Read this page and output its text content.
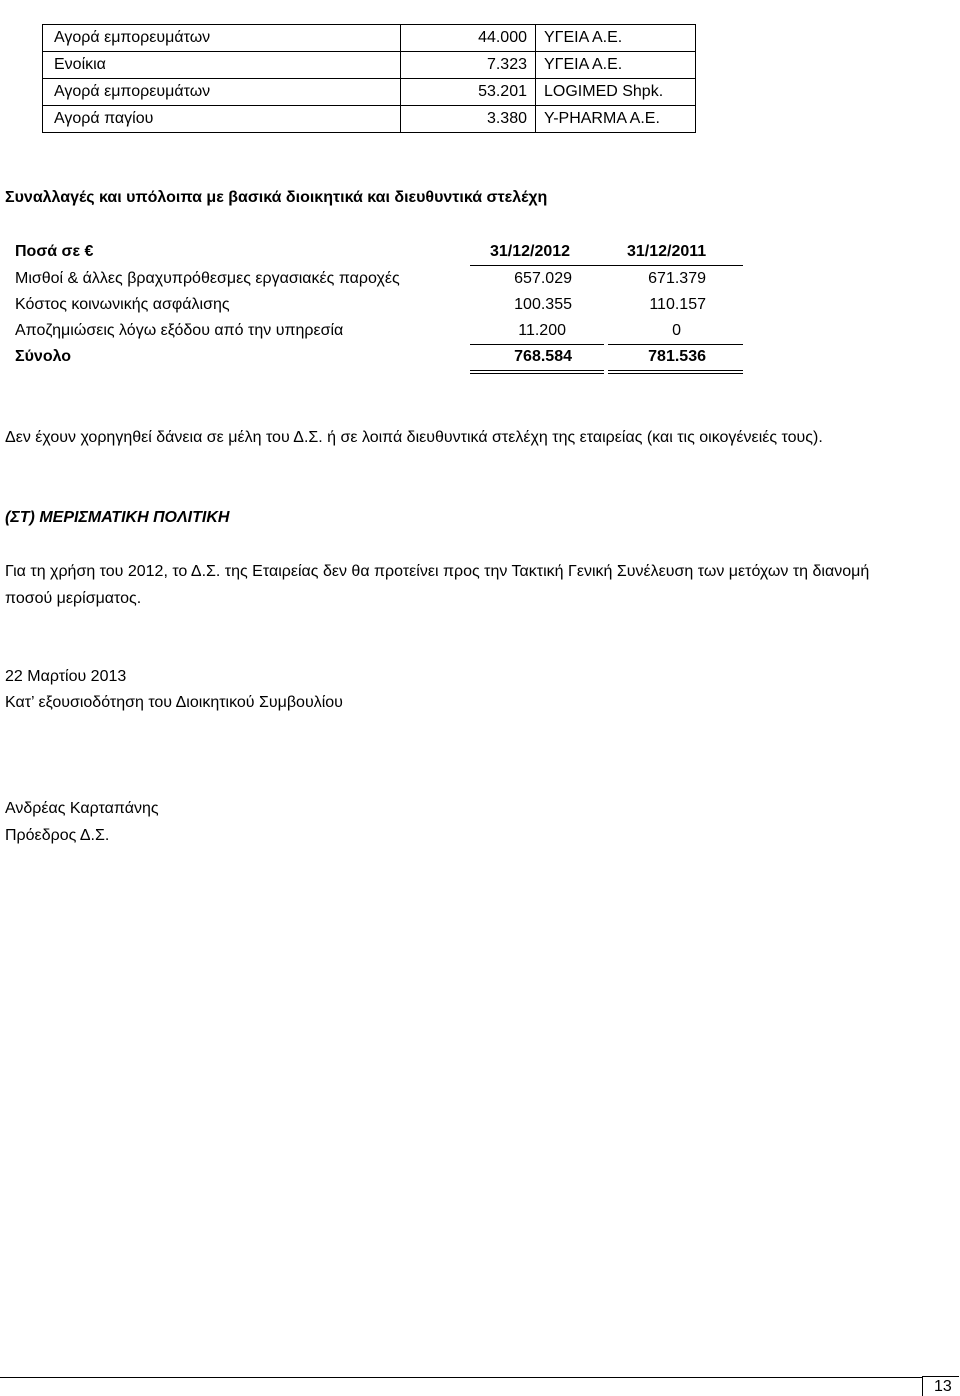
Αγορά εμπορευμάτων	44.000	ΥΓΕΙΑ Α.Ε.
Ενοίκια	7.323	ΥΓΕΙΑ Α.Ε.
Αγορά εμπορευμάτων	53.201	LOGIMED Shpk.
Αγορά παγίου	3.380	Y-PHARMA A.E.
Συναλλαγές και υπόλοιπα με βασικά διοικητικά και διευθυντικά στελέχη
Ποσά σε €	31/12/2012	31/12/2011
Μισθοί & άλλες βραχυπρόθεσμες εργασιακές παροχές	657.029	671.379
Κόστος κοινωνικής ασφάλισης	100.355	110.157
Αποζημιώσεις λόγω εξόδου από την υπηρεσία	11.200	0
Σύνολο	768.584	781.536
Δεν έχουν χορηγηθεί δάνεια σε μέλη του Δ.Σ. ή σε λοιπά διευθυντικά στελέχη της εταιρείας (και τις οικογένειές τους).
(ΣΤ) ΜΕΡΙΣΜΑΤΙΚΗ ΠΟΛΙΤΙΚΗ
Για τη χρήση του 2012, το Δ.Σ. της Εταιρείας δεν θα προτείνει προς την Τακτική Γενική Συνέλευση των μετόχων τη διανομή
ποσού μερίσματος.
22 Μαρτίου 2013
Κατ’ εξουσιοδότηση του Διοικητικού Συμβουλίου
Ανδρέας Καρταπάνης
Πρόεδρος Δ.Σ.
13
